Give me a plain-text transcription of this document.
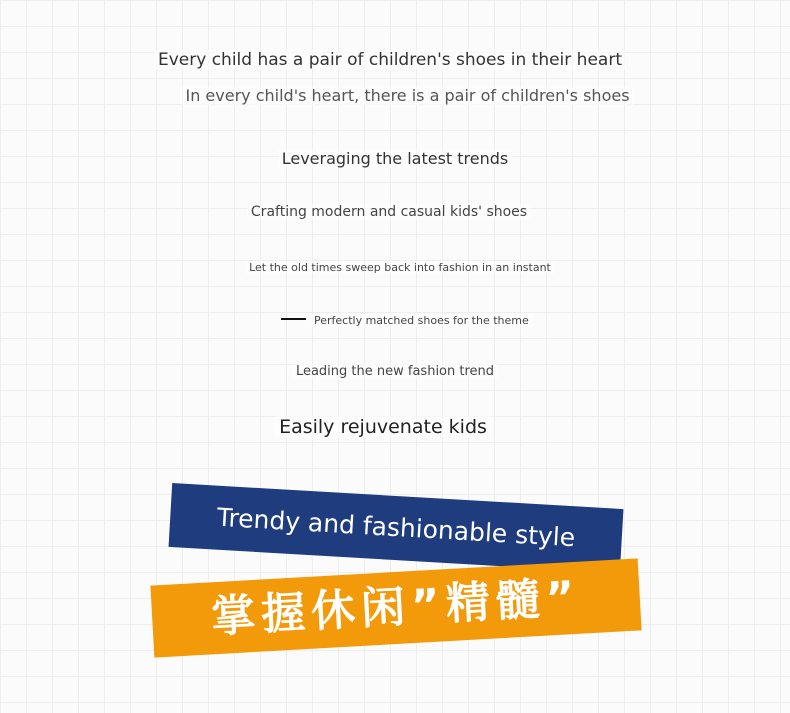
Every child has a pair of children's shoes in their heart
In every child's heart, there is a pair of children's shoes
Leveraging the latest trends
Crafting modern and casual kids' shoes
Let the old times sweep back into fashion in an instant
Perfectly matched shoes for the theme
Leading the new fashion trend
Easily rejuvenate kids
Trendy and fashionable style
掌握休闲”精髓”
